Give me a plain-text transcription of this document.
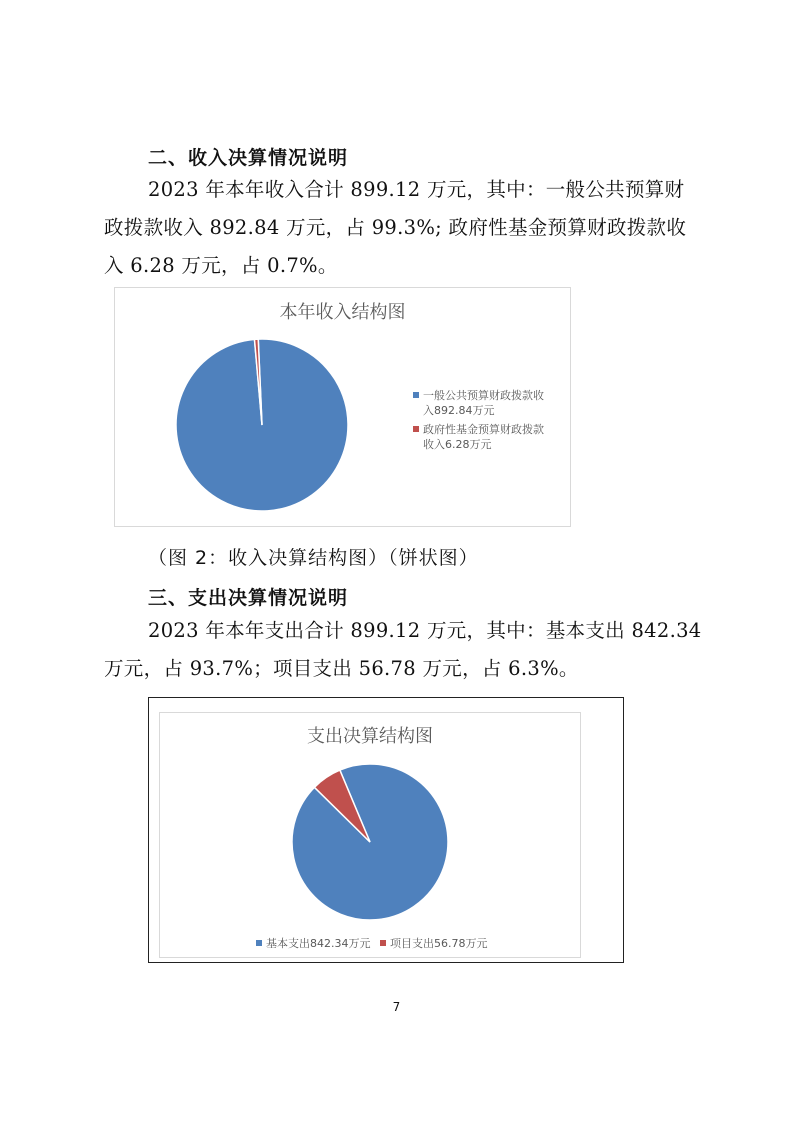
二、收入决算情况说明
2023 年本年收入合计 899.12 万元，其中：一般公共预算财
政拨款收入 892.84 万元，占 99.3%; 政府性基金预算财政拨款收
入 6.28 万元，占 0.7%。
本年收入结构图
一般公共预算财政拨款收
入892.84万元
政府性基金预算财政拨款
收入6.28万元
（图 2：收入决算结构图）（饼状图）
三、支出决算情况说明
2023 年本年支出合计 899.12 万元，其中：基本支出 842.34
万元，占 93.7%；项目支出 56.78 万元，占 6.3%。
支出决算结构图
基本支出842.34万元 项目支出56.78万元
7
